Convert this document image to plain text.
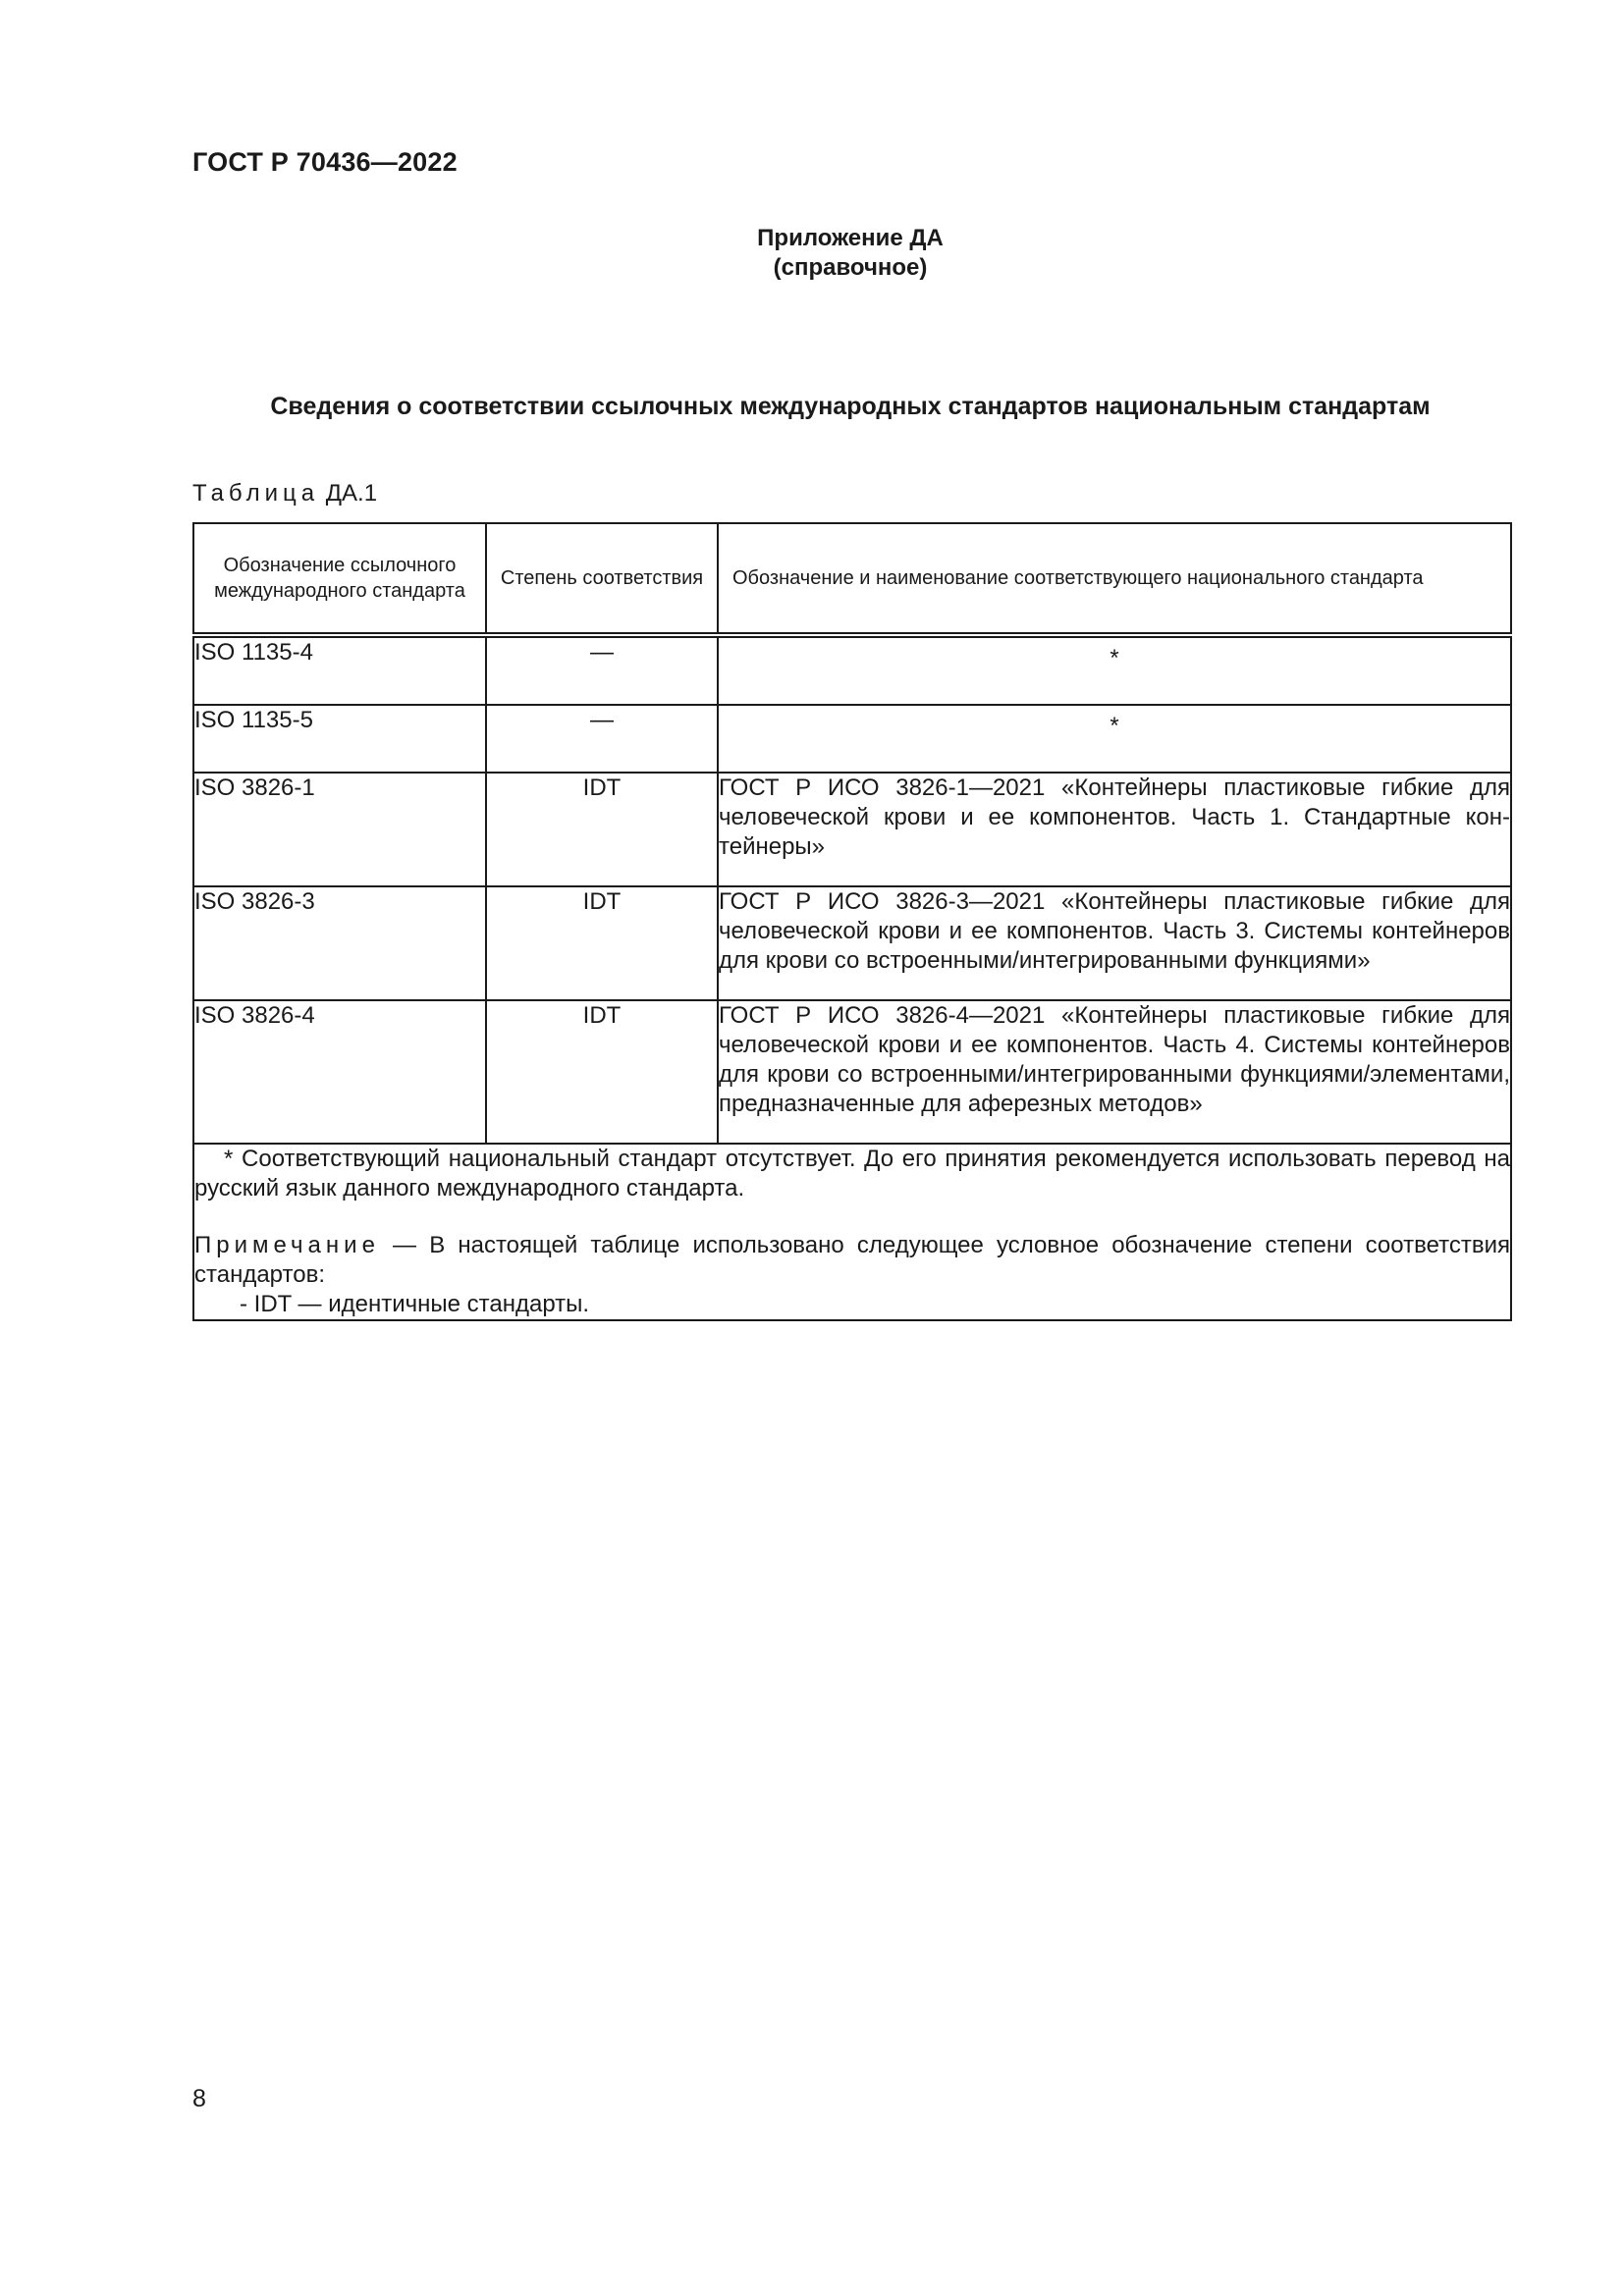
ГОСТ Р 70436—2022
Приложение ДА
(справочное)
Сведения о соответствии ссылочных международных стандартов национальным стандартам
Таблица ДА.1
Обозначение ссылочного международного стандарта	Степень соответствия	Обозначение и наименование соответствующего национального стандарта
ISO 1135-4	—	*
ISO 1135-5	—	*
ISO 3826-1	IDT	ГОСТ Р ИСО 3826-1—2021 «Контейнеры пластиковые гибкие для человеческой крови и ее компонентов. Часть 1. Стандартные контейнеры»
ISO 3826-3	IDT	ГОСТ Р ИСО 3826-3—2021 «Контейнеры пластиковые гибкие для человеческой крови и ее компонентов. Часть 3. Системы контейнеров для крови со встроенными/интегрированными функциями»
ISO 3826-4	IDT	ГОСТ Р ИСО 3826-4—2021 «Контейнеры пластиковые гибкие для человеческой крови и ее компонентов. Часть 4. Системы контейнеров для крови со встроенными/интегрированными функциями/элементами, предназначенные для аферезных методов»

* Соответствующий национальный стандарт отсутствует. До его принятия рекомендуется использовать перевод на русский язык данного международного стандарта.

Примечание — В настоящей таблице использовано следующее условное обозначение степени соответствия стандартов:

- IDT — идентичные стандарты.		

8
